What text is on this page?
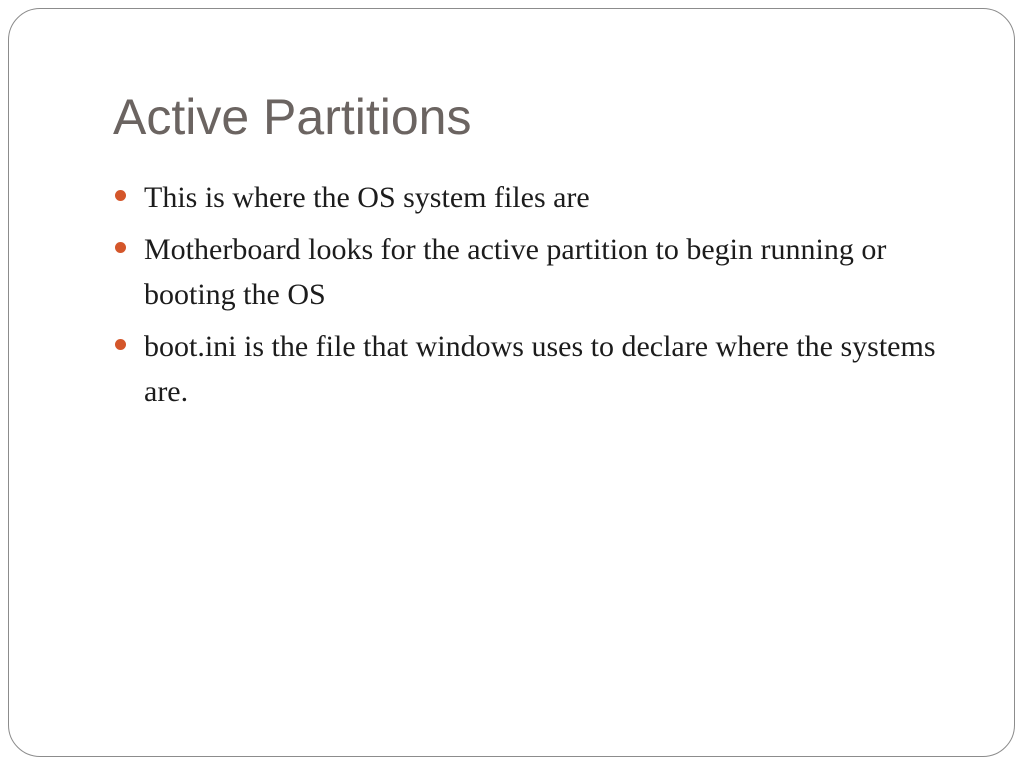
Active Partitions
This is where the OS system files are
Motherboard looks for the active partition to begin running or booting the OS
boot.ini is the file that windows uses to declare where the systems are.
